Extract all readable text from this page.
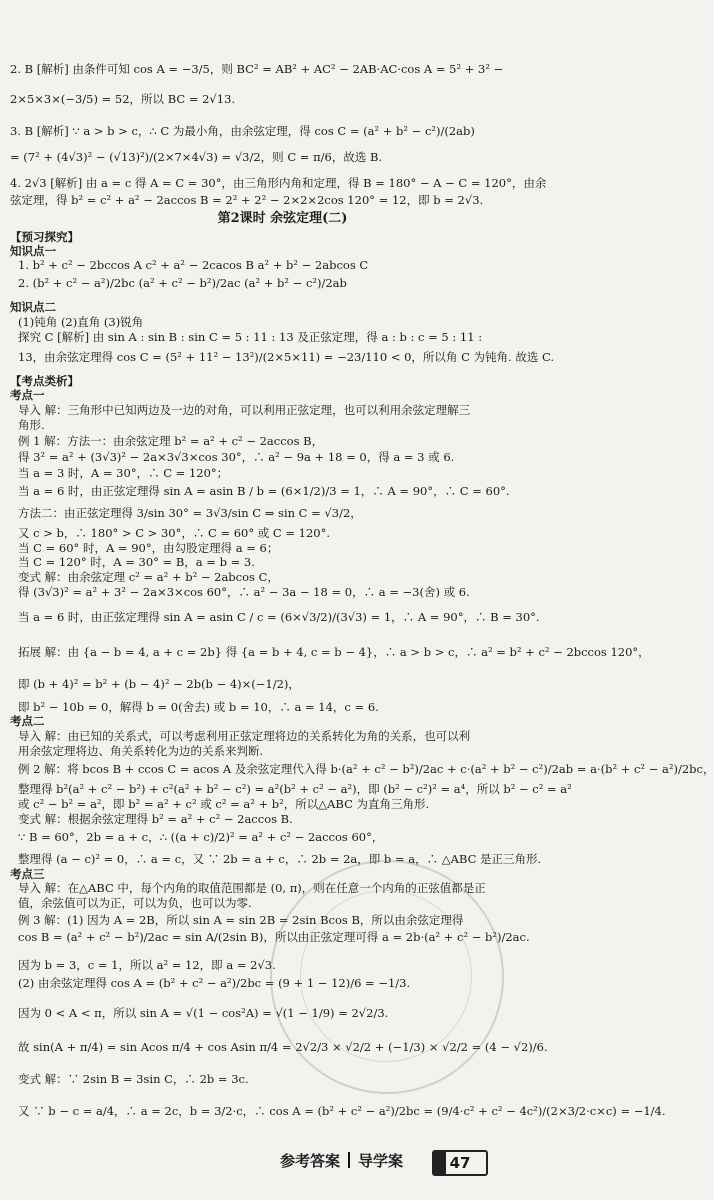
2. B [解析] 由条件可知 cos A = −3/5，则 BC² = AB² + AC² − 2AB·AC·cos A = 5² + 3² −
2×5×3×(−3/5) = 52，所以 BC = 2√13.
3. B [解析] ∵ a > b > c，∴ C 为最小角，由余弦定理，得 cos C = (a² + b² − c²)/(2ab)
= (7² + (4√3)² − (√13)²)/(2×7×4√3) = √3/2，则 C = π/6，故选 B.
4. 2√3 [解析] 由 a = c 得 A = C = 30°，由三角形内角和定理，得 B = 180° − A − C = 120°，由余
弦定理，得 b² = c² + a² − 2accos B = 2² + 2² − 2×2×2cos 120° = 12，即 b = 2√3.
第2课时 余弦定理(二)
【预习探究】
知识点一
1. b² + c² − 2bccos A c² + a² − 2cacos B a² + b² − 2abcos C
2. (b² + c² − a²)/2bc (a² + c² − b²)/2ac (a² + b² − c²)/2ab
知识点二
(1)钝角 (2)直角 (3)锐角
探究 C [解析] 由 sin A : sin B : sin C = 5 : 11 : 13 及正弦定理，得 a : b : c = 5 : 11 :
13，由余弦定理得 cos C = (5² + 11² − 13²)/(2×5×11) = −23/110 < 0，所以角 C 为钝角. 故选 C.
【考点类析】
考点一
导入 解：三角形中已知两边及一边的对角，可以利用正弦定理，也可以利用余弦定理解三
角形.
例 1 解：方法一：由余弦定理 b² = a² + c² − 2accos B，
得 3² = a² + (3√3)² − 2a×3√3×cos 30°，∴ a² − 9a + 18 = 0，得 a = 3 或 6.
当 a = 3 时，A = 30°，∴ C = 120°；
当 a = 6 时，由正弦定理得 sin A = asin B / b = (6×1/2)/3 = 1，∴ A = 90°，∴ C = 60°.
方法二：由正弦定理得 3/sin 30° = 3√3/sin C ⇒ sin C = √3/2，
又 c > b，∴ 180° > C > 30°，∴ C = 60° 或 C = 120°.
当 C = 60° 时，A = 90°，由勾股定理得 a = 6；
当 C = 120° 时，A = 30° = B，a = b = 3.
变式 解：由余弦定理 c² = a² + b² − 2abcos C，
得 (3√3)² = a² + 3² − 2a×3×cos 60°，∴ a² − 3a − 18 = 0，∴ a = −3(舍) 或 6.
当 a = 6 时，由正弦定理得 sin A = asin C / c = (6×√3/2)/(3√3) = 1，∴ A = 90°，∴ B = 30°.
拓展 解：由 {a − b = 4, a + c = 2b} 得 {a = b + 4, c = b − 4}，∴ a > b > c，∴ a² = b² + c² − 2bccos 120°，
即 (b + 4)² = b² + (b − 4)² − 2b(b − 4)×(−1/2)，
即 b² − 10b = 0，解得 b = 0(舍去) 或 b = 10，∴ a = 14，c = 6.
考点二
导入 解：由已知的关系式，可以考虑利用正弦定理将边的关系转化为角的关系，也可以利
用余弦定理将边、角关系转化为边的关系来判断.
例 2 解：将 bcos B + ccos C = acos A 及余弦定理代入得 b·(a² + c² − b²)/2ac + c·(a² + b² − c²)/2ab = a·(b² + c² − a²)/2bc，
整理得 b²(a² + c² − b²) + c²(a² + b² − c²) = a²(b² + c² − a²)，即 (b² − c²)² = a⁴，所以 b² − c² = a²
或 c² − b² = a²，即 b² = a² + c² 或 c² = a² + b²，所以△ABC 为直角三角形.
变式 解：根据余弦定理得 b² = a² + c² − 2accos B.
∵ B = 60°，2b = a + c，∴ ((a + c)/2)² = a² + c² − 2accos 60°，
整理得 (a − c)² = 0，∴ a = c，又 ∵ 2b = a + c，∴ 2b = 2a，即 b = a，∴ △ABC 是正三角形.
考点三
导入 解：在△ABC 中，每个内角的取值范围都是 (0, π)，则在任意一个内角的正弦值都是正
值，余弦值可以为正，可以为负，也可以为零.
例 3 解：(1) 因为 A = 2B，所以 sin A = sin 2B = 2sin Bcos B，所以由余弦定理得
cos B = (a² + c² − b²)/2ac = sin A/(2sin B)，所以由正弦定理可得 a = 2b·(a² + c² − b²)/2ac.
因为 b = 3，c = 1，所以 a² = 12，即 a = 2√3.
(2) 由余弦定理得 cos A = (b² + c² − a²)/2bc = (9 + 1 − 12)/6 = −1/3.
因为 0 < A < π，所以 sin A = √(1 − cos²A) = √(1 − 1/9) = 2√2/3.
故 sin(A + π/4) = sin Acos π/4 + cos Asin π/4 = 2√2/3 × √2/2 + (−1/3) × √2/2 = (4 − √2)/6.
变式 解：∵ 2sin B = 3sin C，∴ 2b = 3c.
又 ∵ b − c = a/4，∴ a = 2c，b = 3/2·c，∴ cos A = (b² + c² − a²)/2bc = (9/4·c² + c² − 4c²)/(2×3/2·c×c) = −1/4.
参考答案 导学案	47
